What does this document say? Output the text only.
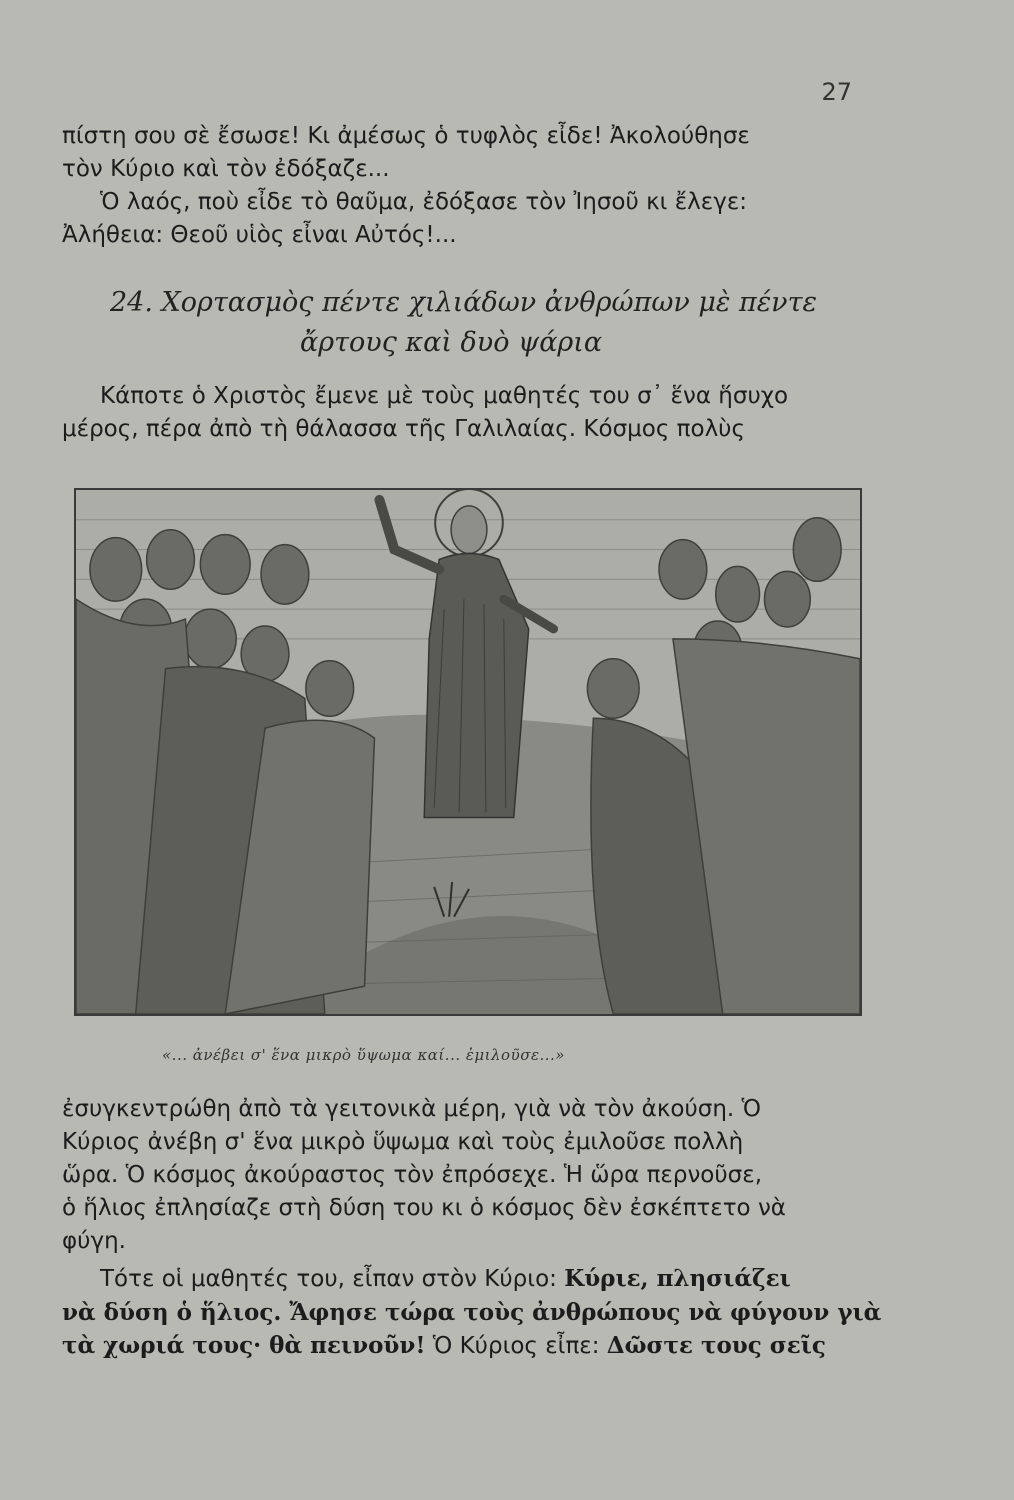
27

πίστη σου σὲ ἔσωσε! Κι ἀμέσως ὁ τυφλὸς εἶδε! Ἀκολούθησε
τὸν Κύριο καὶ τὸν ἐδόξαζε...
Ὁ λαός, ποὺ εἶδε τὸ θαῦμα, ἐδόξασε τὸν Ἰησοῦ κι ἔλεγε:
Ἀλήθεια: Θεοῦ υἱὸς εἶναι Αὐτός!...

24. Χορτασμὸς πέντε χιλιάδων ἀνθρώπων μὲ πέντε
ἄρτους καὶ δυὸ ψάρια

Κάποτε ὁ Χριστὸς ἔμενε μὲ τοὺς μαθητές του σ᾽ ἕνα ἥσυχο
μέρος, πέρα ἀπὸ τὴ θάλασσα τῆς Γαλιλαίας. Κόσμος πολὺς

«... ἀνέβει σ' ἕνα μικρὸ ὕψωμα καί... ἐμιλοῦσε...»

ἐσυγκεντρώθη ἀπὸ τὰ γειτονικὰ μέρη, γιὰ νὰ τὸν ἀκούση. Ὁ
Κύριος ἀνέβη σ' ἕνα μικρὸ ὕψωμα καὶ τοὺς ἐμιλοῦσε πολλὴ
ὥρα. Ὁ κόσμος ἀκούραστος τὸν ἐπρόσεχε. Ἡ ὥρα περνοῦσε,
ὁ ἥλιος ἐπλησίαζε στὴ δύση του κι ὁ κόσμος δὲν ἐσκέπτετο νὰ
φύγη.

Τότε οἱ μαθητές του, εἶπαν στὸν Κύριο: Κύριε, πλησιάζει
νὰ δύση ὁ ἥλιος. Ἄφησε τώρα τοὺς ἀνθρώπους νὰ φύγουν γιὰ
τὰ χωριά τους· θὰ πεινοῦν! Ὁ Κύριος εἶπε: Δῶστε τους σεῖς
